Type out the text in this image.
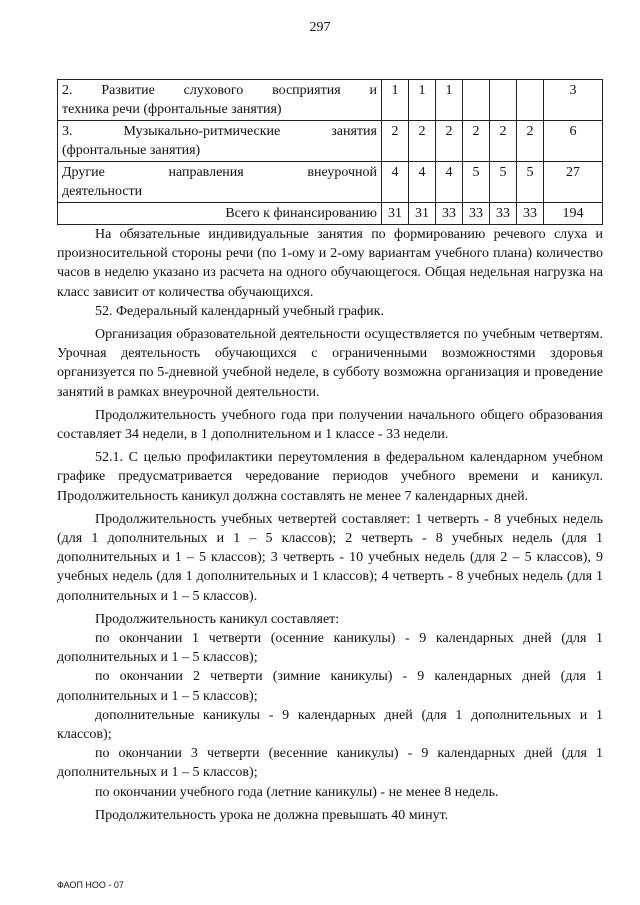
297
2. Развитие слухового восприятия и
техника речи (фронтальные занятия)	1	1	1				3

3. Музыкально-ритмические занятия
(фронтальные занятия)	2	2	2	2	2	2	6

Другие направления внеурочной
деятельности	4	4	4	5	5	5	27
Всего к финансированию	31	31	33	33	33	33	194

На обязательные индивидуальные занятия по формированию речевого слуха и произносительной стороны речи (по 1-ому и 2-ому вариантам учебного плана) количество часов в неделю указано из расчета на одного обучающегося. Общая недельная нагрузка на класс зависит от количества обучающихся.

52. Федеральный календарный учебный график.

Организация образовательной деятельности осуществляется по учебным четвертям. Урочная деятельность обучающихся с ограниченными возможностями здоровья организуется по 5-дневной учебной неделе, в субботу возможна организация и проведение занятий в рамках внеурочной деятельности.

Продолжительность учебного года при получении начального общего образования составляет 34 недели, в 1 дополнительном и 1 классе - 33 недели.

52.1. С целью профилактики переутомления в федеральном календарном учебном графике предусматривается чередование периодов учебного времени и каникул. Продолжительность каникул должна составлять не менее 7 календарных дней.

Продолжительность учебных четвертей составляет: 1 четверть - 8 учебных недель (для 1 дополнительных и 1 – 5 классов); 2 четверть - 8 учебных недель (для 1 дополнительных и 1 – 5 классов); 3 четверть - 10 учебных недель (для 2 – 5 классов), 9 учебных недель (для 1 дополнительных и 1 классов); 4 четверть - 8 учебных недель (для 1 дополнительных и 1 – 5 классов).

Продолжительность каникул составляет:

по окончании 1 четверти (осенние каникулы) - 9 календарных дней (для 1 дополнительных и 1 – 5 классов);

по окончании 2 четверти (зимние каникулы) - 9 календарных дней (для 1 дополнительных и 1 – 5 классов);

дополнительные каникулы - 9 календарных дней (для 1 дополнительных и 1 классов);

по окончании 3 четверти (весенние каникулы) - 9 календарных дней (для 1 дополнительных и 1 – 5 классов);

по окончании учебного года (летние каникулы) - не менее 8 недель.

Продолжительность урока не должна превышать 40 минут.

ФАОП НОО - 07
